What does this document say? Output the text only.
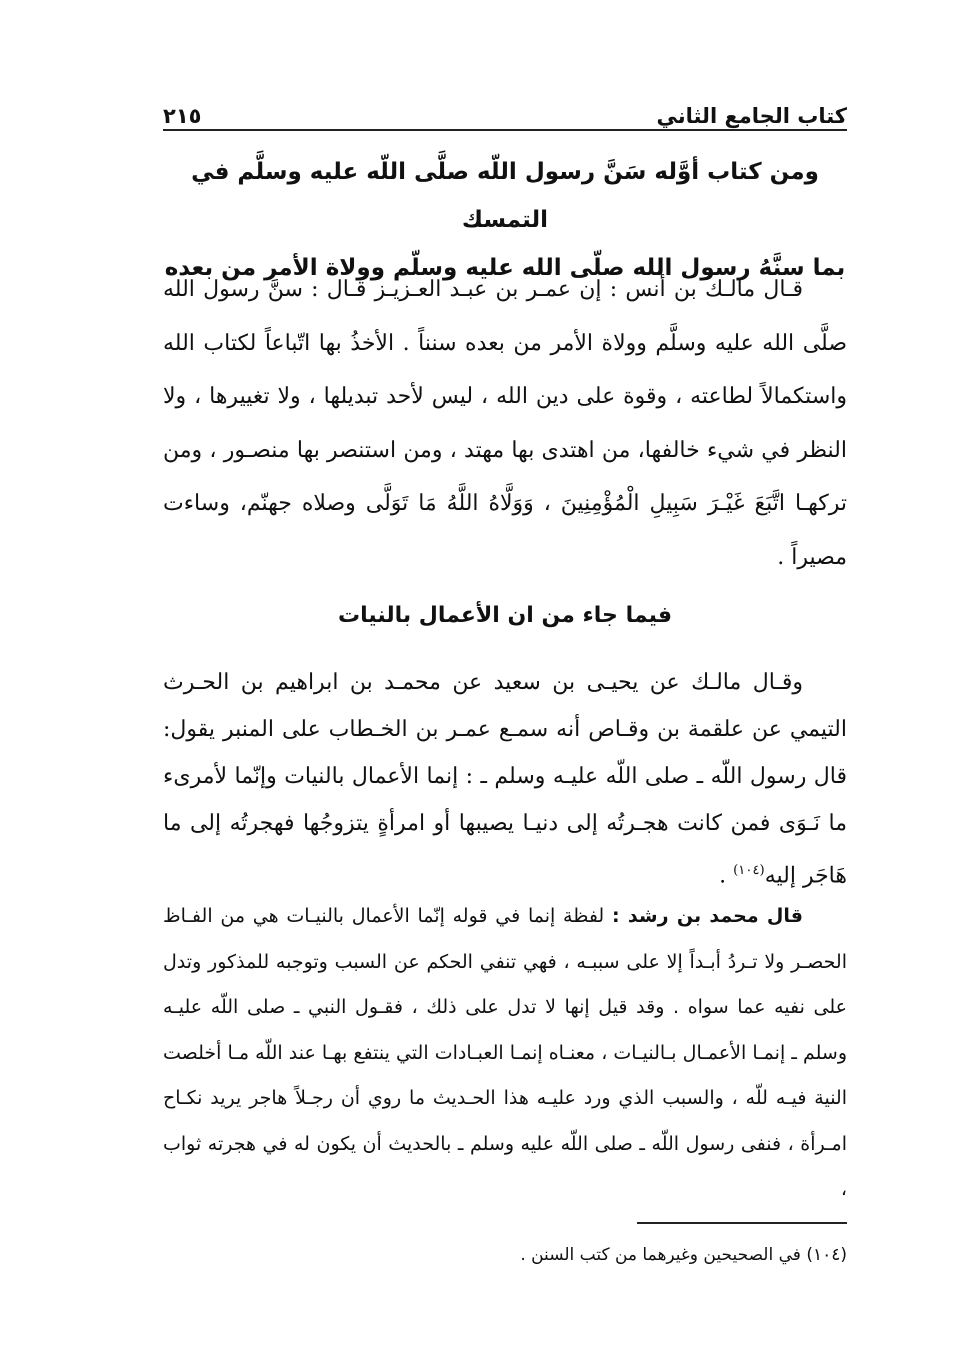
كتاب الجامع الثاني
٢١٥
ومن كتاب أوَّله سَنَّ رسول اللّه صلَّى اللّه عليه وسلَّم في التمسك
بما سنَّهُ رسول الله صلّى الله عليه وسلّم وولاة الأمر من بعده
قـال مالـك بن أنس : إن عمـر بن عبـد العـزيـز قـال : سنَّ رسول الله صلَّى الله عليه وسلَّم وولاة الأمر من بعده سنناً . الأخذُ بها اتّباعاً لكتاب الله واستكمالاً لطاعته ، وقوة على دين الله ، ليس لأحد تبديلها ، ولا تغييرها ، ولا النظر في شيء خالفها، من اهتدى بها مهتد ، ومن استنصر بها منصـور ، ومن تركهـا اتَّبَعَ غَيْـرَ سَبِيلِ الْمُؤْمِنِينَ ، وَوَلَّاهُ اللَّهُ مَا تَوَلَّى وصلاه جهنّم، وساءت مصيراً .
فيما جاء من ان الأعمال بالنيات
وقـال مالـك عن يحيـى بن سعيد عن محمـد بن ابراهيم بن الحـرث التيمي عن علقمة بن وقـاص أنه سمـع عمـر بن الخـطاب على المنبر يقول: قال رسول اللّه ـ صلى اللّه عليـه وسلم ـ : إنما الأعمال بالنيات وإنّما لأمرىء ما نَـوَى فمن كانت هجـرتُه إلى دنيـا يصيبها أو امرأةٍ يتزوجُها فهجرتُه إلى ما هَاجَر إليه$^{(١٠٤)}$ .
قال محمد بن رشد : لفظة إنما في قوله إنّما الأعمال بالنيـات هي من الفـاظ الحصـر ولا تـردُ أبـداً إلا على سببـه ، فهي تنفي الحكم عن السبب وتوجبه للمذكور وتدل على نفيه عما سواه . وقد قيل إنها لا تدل على ذلك ، فقـول النبي ـ صلى اللّه عليـه وسلم ـ إنمـا الأعمـال بـالنيـات ، معنـاه إنمـا العبـادات التي ينتفع بهـا عند اللّه مـا أخلصت النية فيـه للّه ، والسبب الذي ورد عليـه هذا الحـديث ما روي أن رجـلاً هاجر يريد نكـاح امـرأة ، فنفى رسول اللّه ـ صلى اللّه عليه وسلم ـ بالحديث أن يكون له في هجرته ثواب ،
(١٠٤) في الصحيحين وغيرهما من كتب السنن .
